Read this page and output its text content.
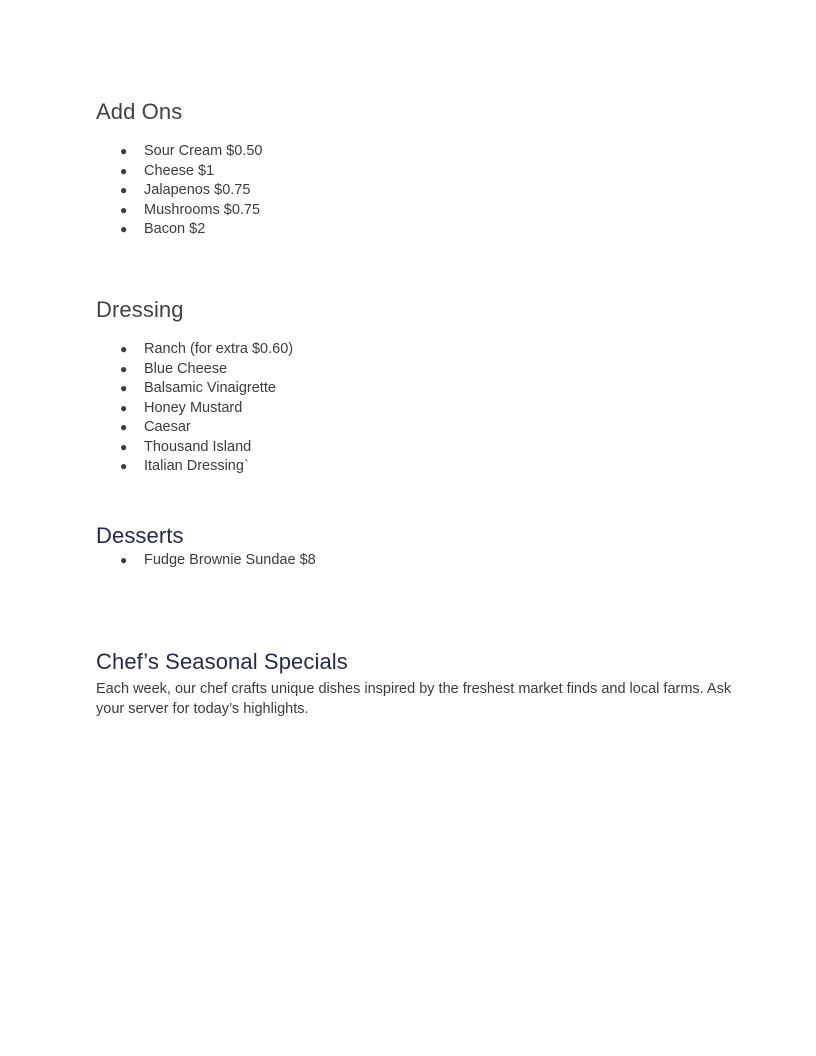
Add Ons
● Sour Cream $0.50
● Cheese $1
● Jalapenos $0.75
● Mushrooms $0.75
● Bacon $2
Dressing
● Ranch (for extra $0.60)
● Blue Cheese
● Balsamic Vinaigrette
● Honey Mustard
● Caesar
● Thousand Island
● Italian Dressing`
Desserts
● Fudge Brownie Sundae $8
Chef’s Seasonal Specials

Each week, our chef crafts unique dishes inspired by the freshest market finds and local farms. Ask your server for today’s highlights.
